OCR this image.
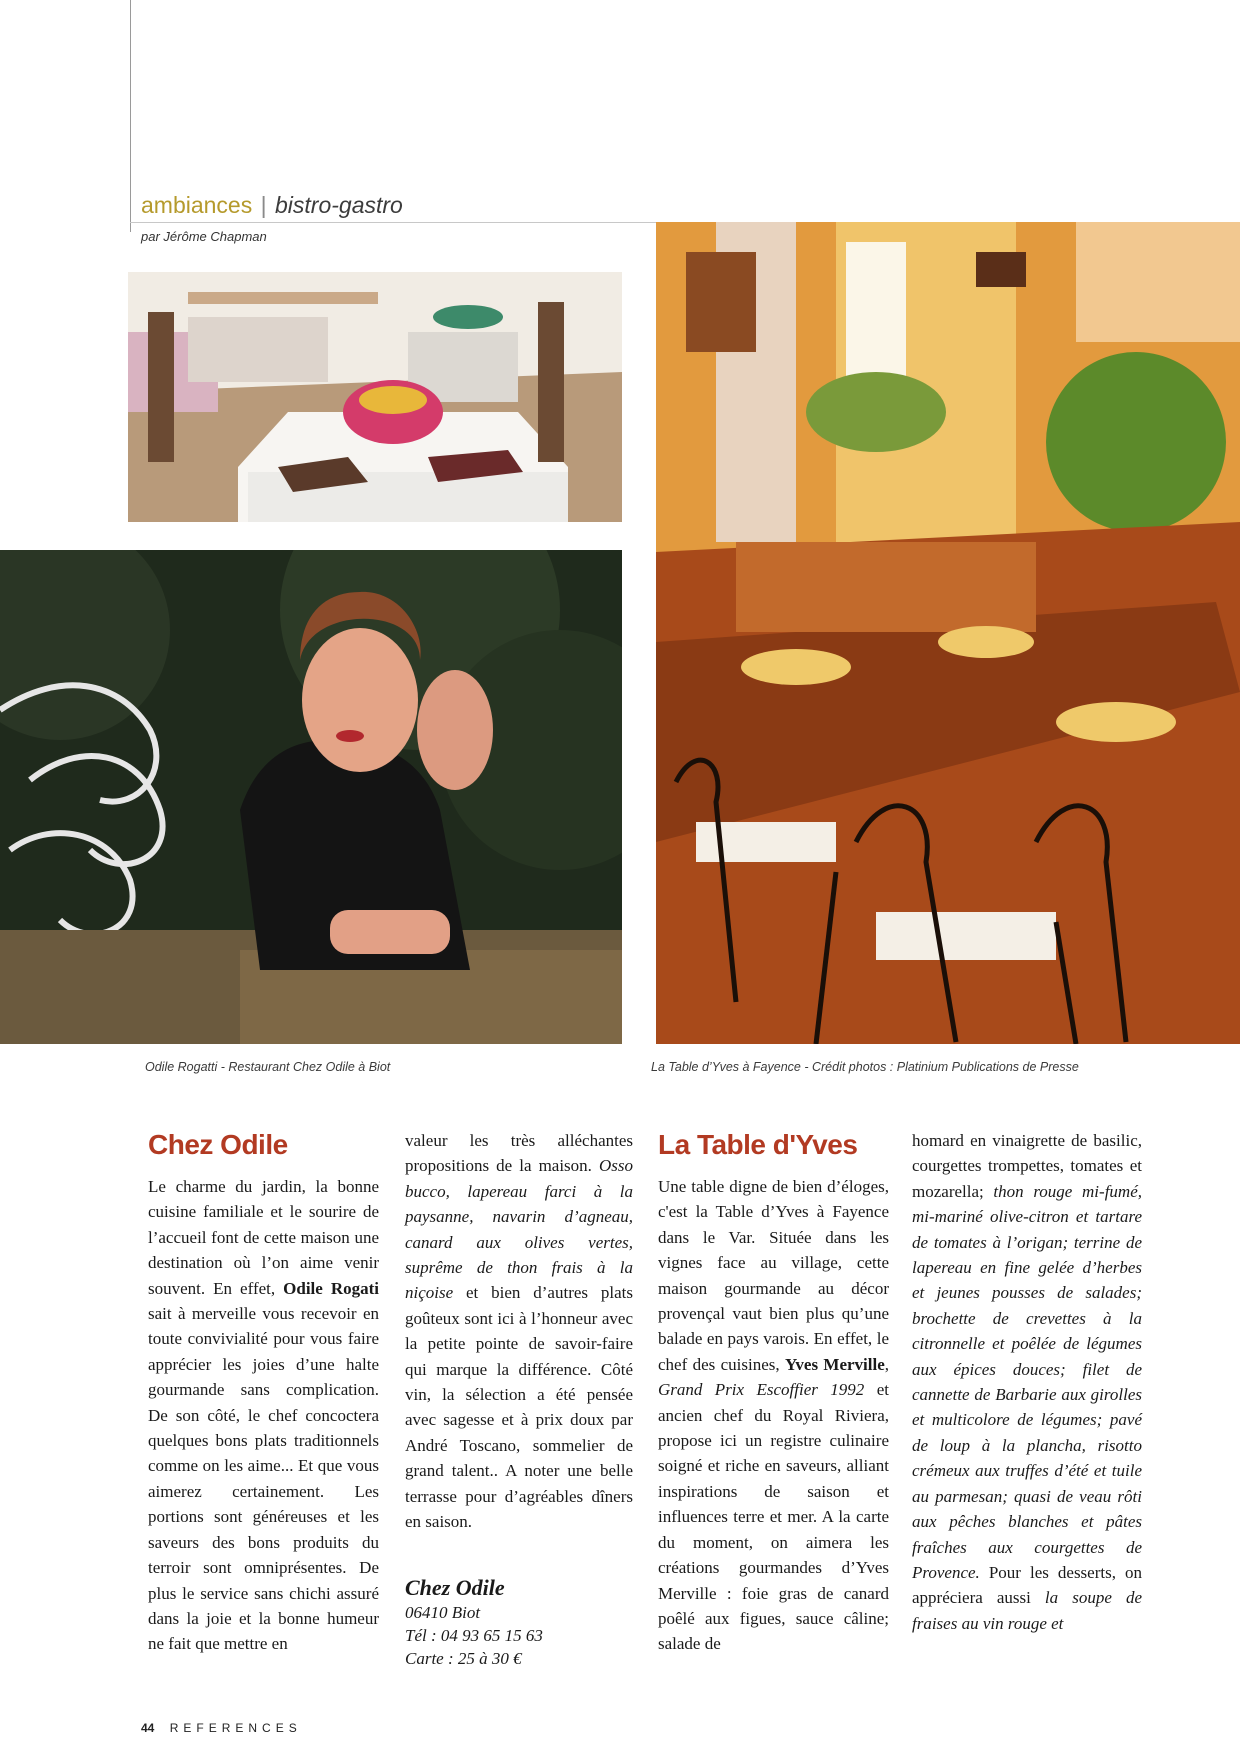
ambiances | bistro-gastro
par Jérôme Chapman
Odile Rogatti - Restaurant Chez Odile à Biot	La Table d’Yves à Fayence - Crédit photos : Platinium Publications de Presse
Chez Odile

Le charme du jardin, la bonne cuisine familiale et le sourire de l’accueil font de cette maison une destination où l’on aime venir souvent. En effet, Odile Rogati sait à merveille vous recevoir en toute convivialité pour vous faire apprécier les joies d’une halte gourmande sans complication. De son côté, le chef concoctera quelques bons plats traditionnels comme on les aime... Et que vous aimerez certainement. Les portions sont généreuses et les saveurs des bons produits du terroir sont omniprésentes. De plus le service sans chichi assuré dans la joie et la bonne humeur ne fait que mettre en

valeur les très alléchantes propositions de la maison. Osso bucco, lapereau farci à la paysanne, navarin d’agneau, canard aux olives vertes, suprême de thon frais à la niçoise et bien d’autres plats goûteux sont ici à l’honneur avec la petite pointe de savoir-faire qui marque la différence. Côté vin, la sélection a été pensée avec sagesse et à prix doux par André Toscano, sommelier de grand talent.. A noter une belle terrasse pour d’agréables dîners en saison.

Chez Odile
06410 Biot
Tél : 04 93 65 15 63
Carte : 25 à 30 €
La Table d'Yves

Une table digne de bien d’éloges, c'est la Table d’Yves à Fayence dans le Var. Située dans les vignes face au village, cette maison gourmande au décor provençal vaut bien plus qu’une balade en pays varois. En effet, le chef des cuisines, Yves Merville, Grand Prix Escoffier 1992 et ancien chef du Royal Riviera, propose ici un registre culinaire soigné et riche en saveurs, alliant inspirations de saison et influences terre et mer. A la carte du moment, on aimera les créations gourmandes d’Yves Merville : foie gras de canard poêlé aux figues, sauce câline; salade de

homard en vinaigrette de basilic, courgettes trompettes, tomates et mozarella; thon rouge mi-fumé, mi-mariné olive-citron et tartare de tomates à l’origan; terrine de lapereau en fine gelée d’herbes et jeunes pousses de salades; brochette de crevettes à la citronnelle et poêlée de légumes aux épices douces; filet de cannette de Barbarie aux girolles et multicolore de légumes; pavé de loup à la plancha, risotto crémeux aux truffes d’été et tuile au parmesan; quasi de veau rôti aux pêches blanches et pâtes fraîches aux courgettes de Provence. Pour les desserts, on appréciera aussi la soupe de fraises au vin rouge et

44 REFERENCES
